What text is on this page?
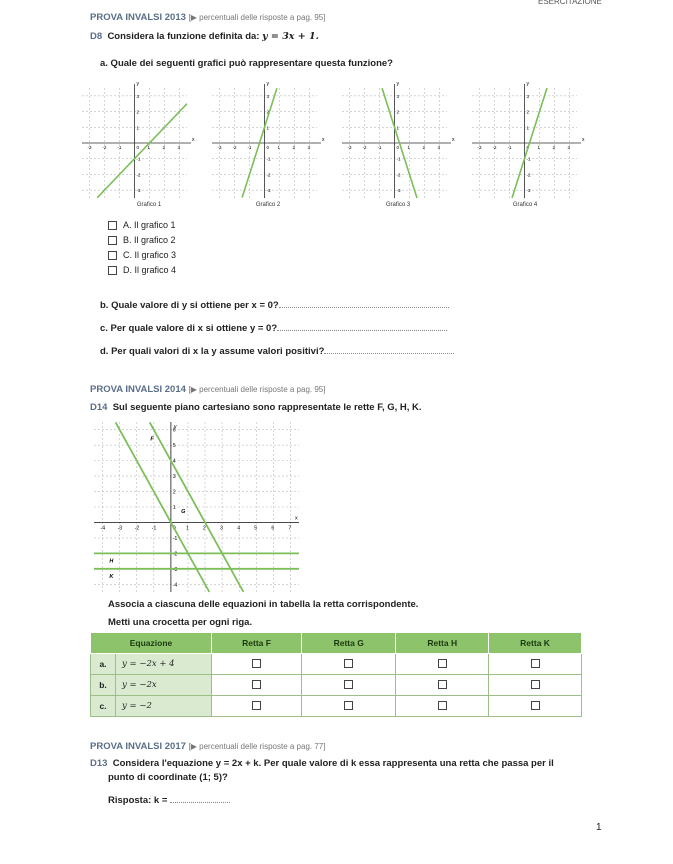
ESERCITAZIONE
PROVA INVALSI 2013 [▶ percentuali delle risposte a pag. 95]
D8 Considera la funzione definita da: y = 3x + 1.
a. Quale dei seguenti grafici può rappresentare questa funzione?
x
y
-3
-3
-2
-2
-1
-1
0 1
1
2
2
3
3
x
y
-3
-3
-2
-2
-1
-1
0 1
1
2
2
3
3
x
y
-3
-3
-2
-2
-1
-1
0 1
1
2
2
3
3
x
y
-3
-3
-2
-2
-1
-1
1
1
2
2
3
3
Grafico 1	Grafico 2	Grafico 3	Grafico 4
A. Il grafico 1
B. Il grafico 2
C. Il grafico 3
D. Il grafico 4
b. Quale valore di y si ottiene per x = 0?
c. Per quale valore di x si ottiene y = 0?
d. Per quali valori di x la y assume valori positivi?
PROVA INVALSI 2014 [▶ percentuali delle risposte a pag. 95]
D14 Sul seguente piano cartesiano sono rappresentate le rette F, G, H, K.
-4	-3	-2	-1	1	2	3	4	5	6	7
-4
-3
-2
-1
1
2
3
4
5
6
x
y
F
G
H
K
Associa a ciascuna delle equazioni in tabella la retta corrispondente.
Metti una crocetta per ogni riga.
Equazione		Retta F	Retta G	Retta H	Retta K
a.	y = −2x + 4				
b.	y = −2x				
c.	y = −2				
PROVA INVALSI 2017 [▶ percentuali delle risposte a pag. 77]
D13 Considera l'equazione y = 2x + k. Per quale valore di k essa rappresenta una retta che passa per il
punto di coordinate (1; 5)?
Risposta: k =
1
